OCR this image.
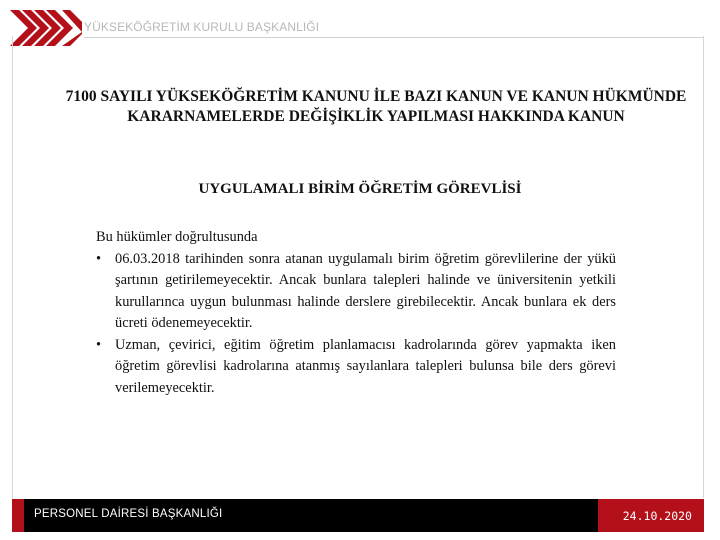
YÜKSEKÖĞRETİM KURULU BAŞKANLIĞI
7100 SAYILI YÜKSEKÖĞRETİM KANUNU İLE BAZI KANUN VE KANUN HÜKMÜNDE KARARNAMELERDE DEĞİŞİKLİK YAPILMASI HAKKINDA KANUN
UYGULAMALI BİRİM ÖĞRETİM GÖREVLİSİ

Bu hükümler doğrultusunda

• 06.03.2018 tarihinden sonra atanan uygulamalı birim öğretim görevlilerine der yükü şartının getirilemeyecektir. Ancak bunlara talepleri halinde ve üniversitenin yetkili kurullarınca uygun bulunması halinde derslere girebilecektir. Ancak bunlara ek ders ücreti ödenemeyecektir.
• Uzman, çevirici, eğitim öğretim planlamacısı kadrolarında görev yapmakta iken öğretim görevlisi kadrolarına atanmış sayılanlara talepleri bulunsa bile ders görevi verilemeyecektir.
PERSONEL DAİRESİ BAŞKANLIĞI	24.10.2020
